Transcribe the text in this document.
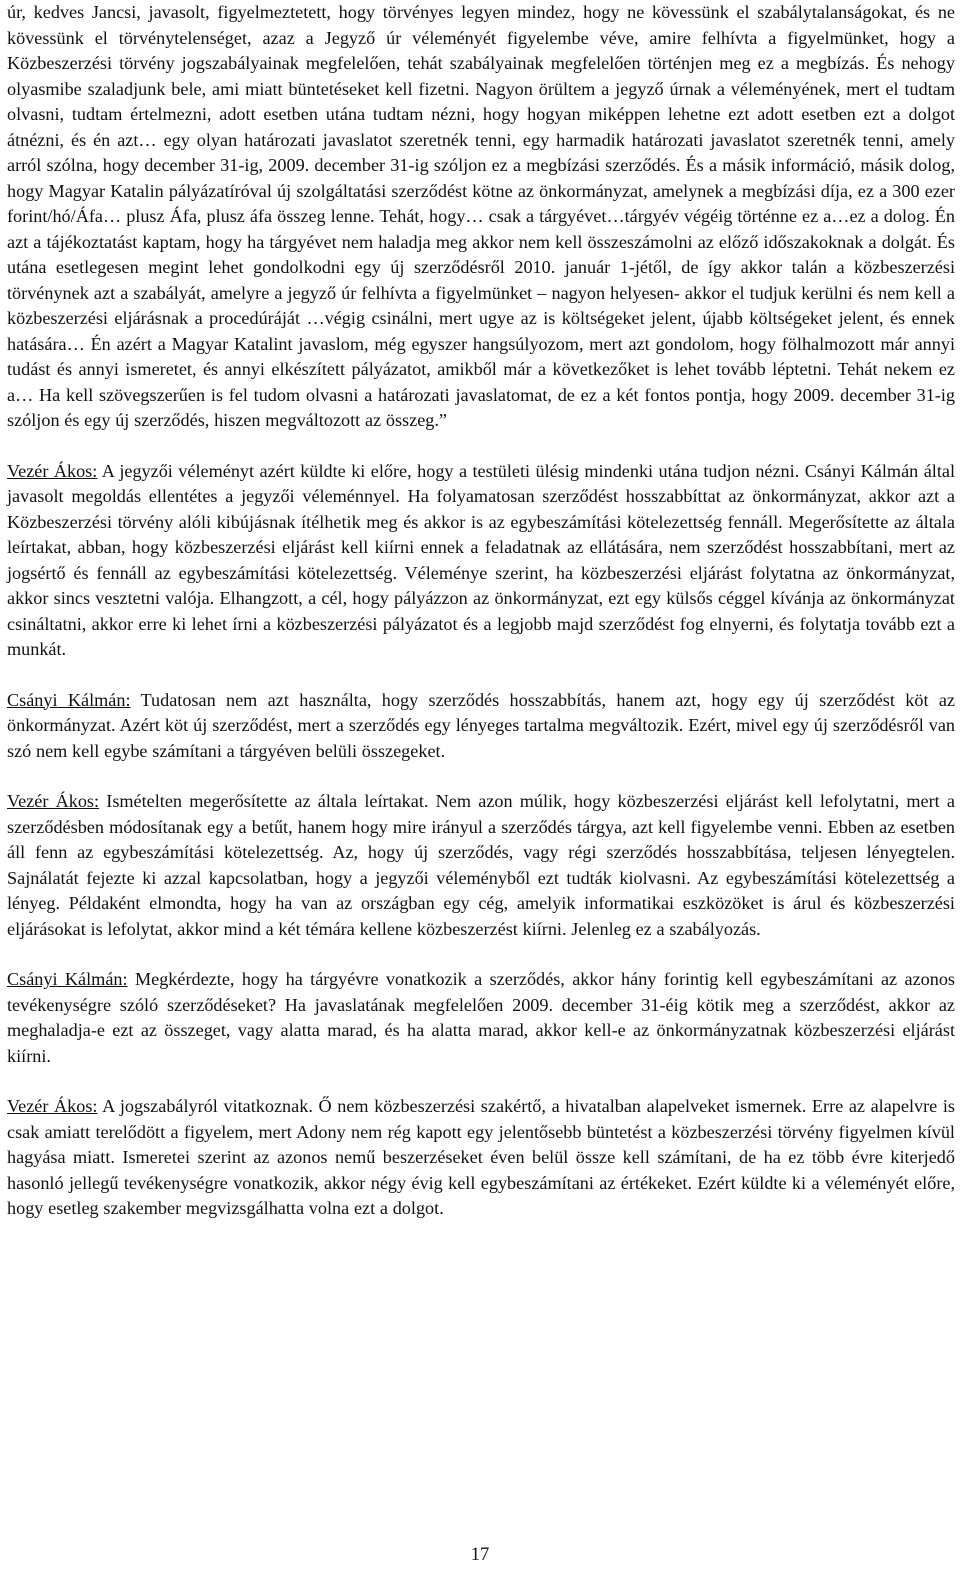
úr, kedves Jancsi, javasolt, figyelmeztetett, hogy törvényes legyen mindez, hogy ne kövessünk el szabálytalanságokat, és ne kövessünk el törvénytelenséget, azaz a Jegyző úr véleményét figyelembe véve, amire felhívta a figyelmünket, hogy a Közbeszerzési törvény jogszabályainak megfelelően, tehát szabályainak megfelelően történjen meg ez a megbízás. És nehogy olyasmibe szaladjunk bele, ami miatt büntetéseket kell fizetni. Nagyon örültem a jegyző úrnak a véleményének, mert el tudtam olvasni, tudtam értelmezni, adott esetben utána tudtam nézni, hogy hogyan miképpen lehetne ezt adott esetben ezt a dolgot átnézni, és én azt… egy olyan határozati javaslatot szeretnék tenni, egy harmadik határozati javaslatot szeretnék tenni, amely arról szólna, hogy december 31-ig, 2009. december 31-ig szóljon ez a megbízási szerződés. És a másik információ, másik dolog, hogy Magyar Katalin pályázatíróval új szolgáltatási szerződést kötne az önkormányzat, amelynek a megbízási díja, ez a 300 ezer forint/hó/Áfa… plusz Áfa, plusz áfa összeg lenne. Tehát, hogy… csak a tárgyévet…tárgyév végéig történne ez a…ez a dolog. Én azt a tájékoztatást kaptam, hogy ha tárgyévet nem haladja meg akkor nem kell összeszámolni az előző időszakoknak a dolgát. És utána esetlegesen megint lehet gondolkodni egy új szerződésről 2010. január 1-jétől, de így akkor talán a közbeszerzési törvénynek azt a szabályát, amelyre a jegyző úr felhívta a figyelmünket – nagyon helyesen- akkor el tudjuk kerülni és nem kell a közbeszerzési eljárásnak a procedúráját …végig csinálni, mert ugye az is költségeket jelent, újabb költségeket jelent, és ennek hatására… Én azért a Magyar Katalint javaslom, még egyszer hangsúlyozom, mert azt gondolom, hogy fölhalmozott már annyi tudást és annyi ismeretet, és annyi elkészített pályázatot, amikből már a következőket is lehet tovább léptetni. Tehát nekem ez a… Ha kell szövegszerűen is fel tudom olvasni a határozati javaslatomat, de ez a két fontos pontja, hogy 2009. december 31-ig szóljon és egy új szerződés, hiszen megváltozott az összeg.”

Vezér Ákos: A jegyzői véleményt azért küldte ki előre, hogy a testületi ülésig mindenki utána tudjon nézni. Csányi Kálmán által javasolt megoldás ellentétes a jegyzői véleménnyel. Ha folyamatosan szerződést hosszabbíttat az önkormányzat, akkor azt a Közbeszerzési törvény alóli kibújásnak ítélhetik meg és akkor is az egybeszámítási kötelezettség fennáll. Megerősítette az általa leírtakat, abban, hogy közbeszerzési eljárást kell kiírni ennek a feladatnak az ellátására, nem szerződést hosszabbítani, mert az jogsértő és fennáll az egybeszámítási kötelezettség. Véleménye szerint, ha közbeszerzési eljárást folytatna az önkormányzat, akkor sincs vesztetni valója. Elhangzott, a cél, hogy pályázzon az önkormányzat, ezt egy külsős céggel kívánja az önkormányzat csináltatni, akkor erre ki lehet írni a közbeszerzési pályázatot és a legjobb majd szerződést fog elnyerni, és folytatja tovább ezt a munkát.

Csányi Kálmán: Tudatosan nem azt használta, hogy szerződés hosszabbítás, hanem azt, hogy egy új szerződést köt az önkormányzat. Azért köt új szerződést, mert a szerződés egy lényeges tartalma megváltozik. Ezért, mivel egy új szerződésről van szó nem kell egybe számítani a tárgyéven belüli összegeket.

Vezér Ákos: Ismételten megerősítette az általa leírtakat. Nem azon múlik, hogy közbeszerzési eljárást kell lefolytatni, mert a szerződésben módosítanak egy a betűt, hanem hogy mire irányul a szerződés tárgya, azt kell figyelembe venni. Ebben az esetben áll fenn az egybeszámítási kötelezettség. Az, hogy új szerződés, vagy régi szerződés hosszabbítása, teljesen lényegtelen. Sajnálatát fejezte ki azzal kapcsolatban, hogy a jegyzői véleményből ezt tudták kiolvasni. Az egybeszámítási kötelezettség a lényeg. Példaként elmondta, hogy ha van az országban egy cég, amelyik informatikai eszközöket is árul és közbeszerzési eljárásokat is lefolytat, akkor mind a két témára kellene közbeszerzést kiírni. Jelenleg ez a szabályozás.

Csányi Kálmán: Megkérdezte, hogy ha tárgyévre vonatkozik a szerződés, akkor hány forintig kell egybeszámítani az azonos tevékenységre szóló szerződéseket? Ha javaslatának megfelelően 2009. december 31-éig kötik meg a szerződést, akkor az meghaladja-e ezt az összeget, vagy alatta marad, és ha alatta marad, akkor kell-e az önkormányzatnak közbeszerzési eljárást kiírni.

Vezér Ákos: A jogszabályról vitatkoznak. Ő nem közbeszerzési szakértő, a hivatalban alapelveket ismernek. Erre az alapelvre is csak amiatt terelődött a figyelem, mert Adony nem rég kapott egy jelentősebb büntetést a közbeszerzési törvény figyelmen kívül hagyása miatt. Ismeretei szerint az azonos nemű beszerzéseket éven belül össze kell számítani, de ha ez több évre kiterjedő hasonló jellegű tevékenységre vonatkozik, akkor négy évig kell egybeszámítani az értékeket. Ezért küldte ki a véleményét előre, hogy esetleg szakember megvizsgálhatta volna ezt a dolgot.

17
